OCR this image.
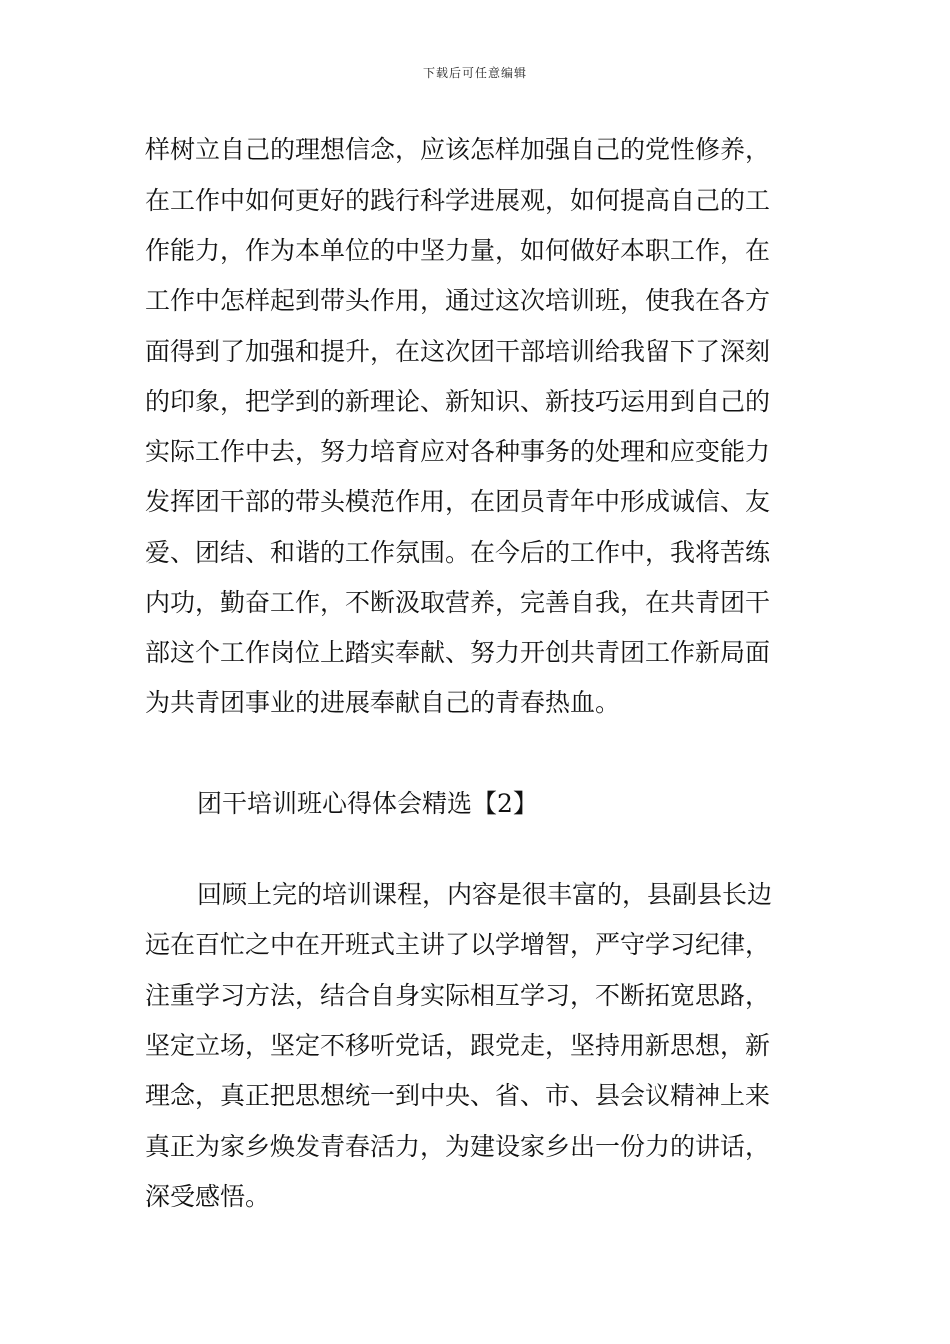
下载后可任意编辑
样树立自己的理想信念，应该怎样加强自己的党性修养，
在工作中如何更好的践行科学进展观，如何提高自己的工
作能力，作为本单位的中坚力量，如何做好本职工作，在
工作中怎样起到带头作用，通过这次培训班，使我在各方
面得到了加强和提升，在这次团干部培训给我留下了深刻
的印象，把学到的新理论、新知识、新技巧运用到自己的
实际工作中去，努力培育应对各种事务的处理和应变能力
发挥团干部的带头模范作用，在团员青年中形成诚信、友
爱、团结、和谐的工作氛围。在今后的工作中，我将苦练
内功，勤奋工作，不断汲取营养，完善自我，在共青团干
部这个工作岗位上踏实奉献、努力开创共青团工作新局面
为共青团事业的进展奉献自己的青春热血。
团干培训班心得体会精选【2】
回顾上完的培训课程，内容是很丰富的，县副县长边
远在百忙之中在开班式主讲了以学增智，严守学习纪律，
注重学习方法，结合自身实际相互学习，不断拓宽思路，
坚定立场，坚定不移听党话，跟党走，坚持用新思想，新
理念，真正把思想统一到中央、省、市、县会议精神上来
真正为家乡焕发青春活力，为建设家乡出一份力的讲话，
深受感悟。
